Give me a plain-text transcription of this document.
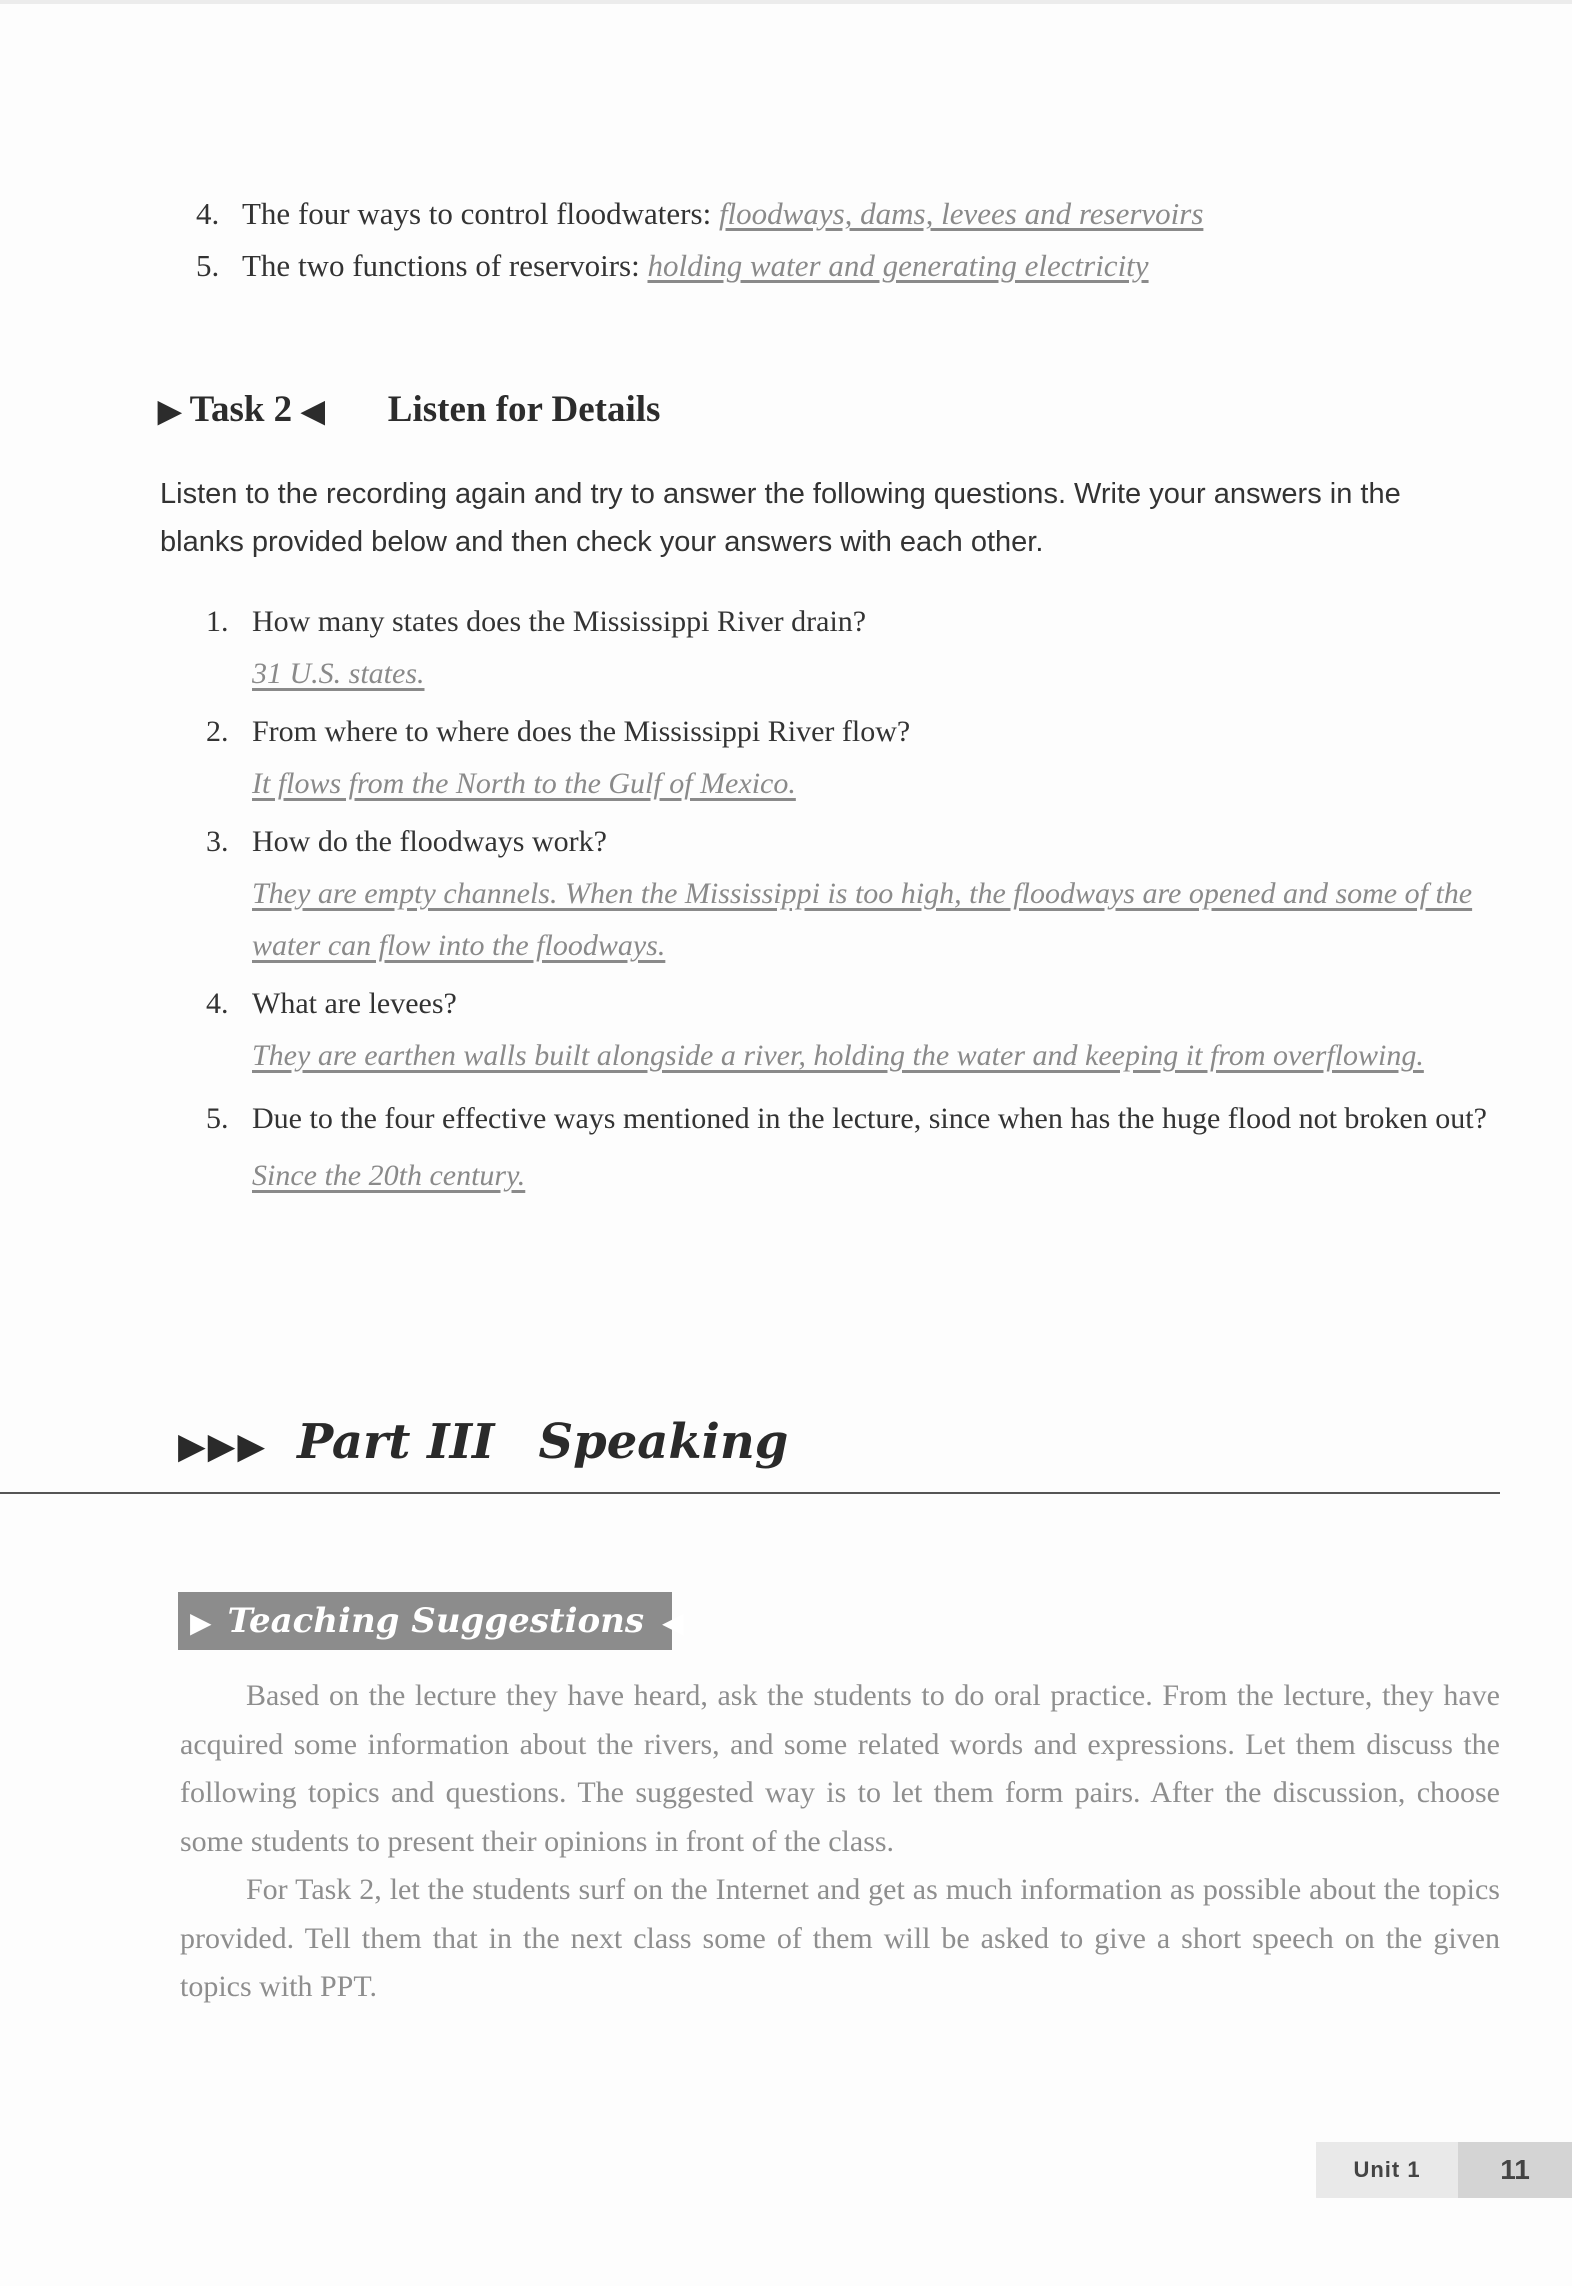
4. The four ways to control floodwaters: floodways, dams, levees and reservoirs
5. The two functions of reservoirs: holding water and generating electricity
▶ Task 2 ◀ Listen for Details
Listen to the recording again and try to answer the following questions. Write your answers in the blanks provided below and then check your answers with each other.
1. How many states does the Mississippi River drain?
31 U.S. states.
2. From where to where does the Mississippi River flow?
It flows from the North to the Gulf of Mexico.
3. How do the floodways work?
They are empty channels. When the Mississippi is too high, the floodways are opened and some of the water can flow into the floodways.
4. What are levees?
They are earthen walls built alongside a river, holding the water and keeping it from overflowing.
5. Due to the four effective ways mentioned in the lecture, since when has the huge flood not broken out?
Since the 20th century.
▶▶▶ Part III Speaking
▶ Teaching Suggestions ◀

Based on the lecture they have heard, ask the students to do oral practice. From the lecture, they have acquired some information about the rivers, and some related words and expressions. Let them discuss the following topics and questions. The suggested way is to let them form pairs. After the discussion, choose some students to present their opinions in front of the class.

For Task 2, let the students surf on the Internet and get as much information as possible about the topics provided. Tell them that in the next class some of them will be asked to give a short speech on the given topics with PPT.

Unit 1	11
